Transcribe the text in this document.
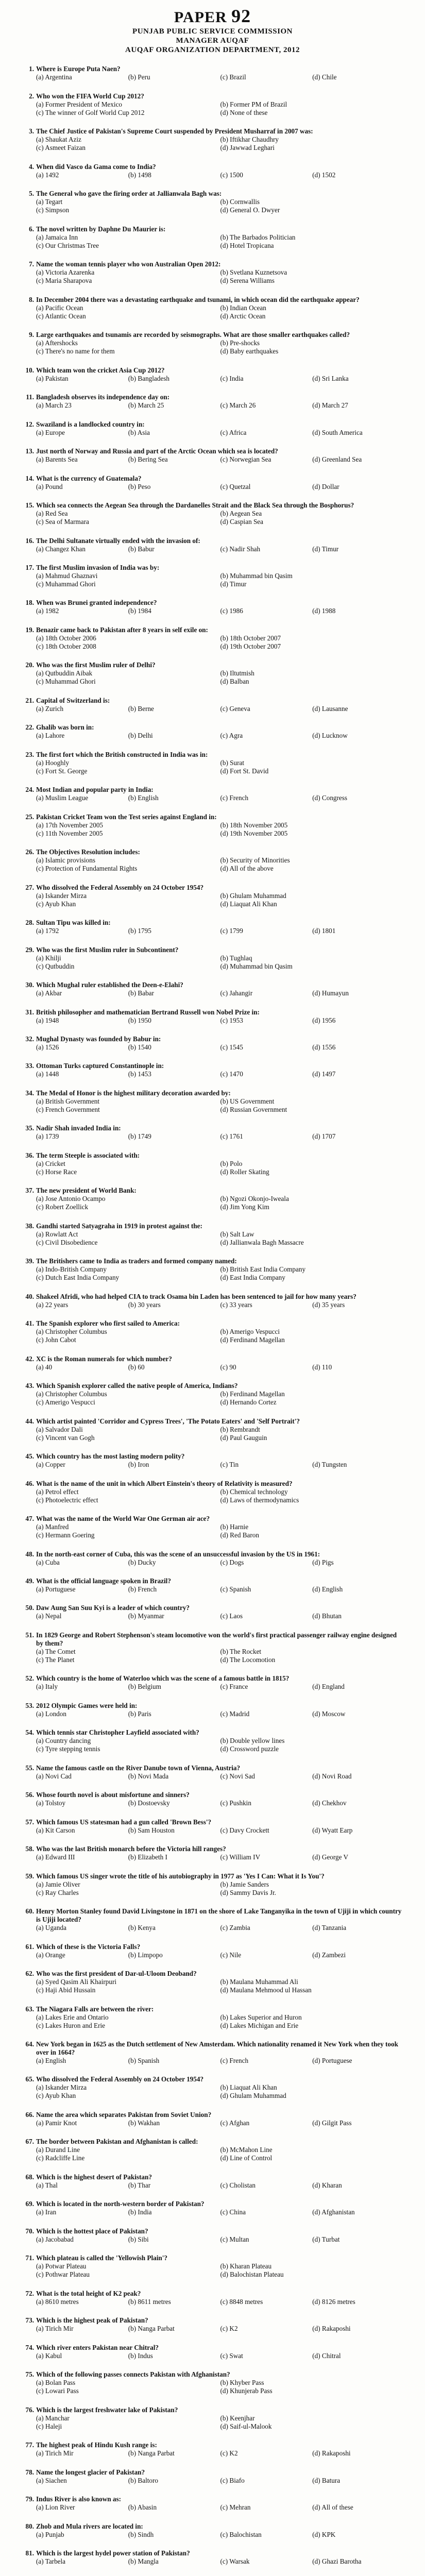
PAPER 92
PUNJAB PUBLIC SERVICE COMMISSION
MANAGER AUQAF
AUQAF ORGANIZATION DEPARTMENT, 2012
1. Where is Europe Puta Naen?
(a) Argentina	(b) Peru	(c) Brazil	(d) Chile
2. Who won the FIFA World Cup 2012?
(a) Former President of Mexico	(b) Former PM of Brazil
(c) The winner of Golf World Cup 2012	(d) None of these
3. The Chief Justice of Pakistan's Supreme Court suspended by President Musharraf in 2007 was:
(a) Shaukat Aziz	(b) Iftikhar Chaudhry
(c) Asmeet Faizan	(d) Jawwad Leghari
4. When did Vasco da Gama come to India?
(a) 1492	(b) 1498	(c) 1500	(d) 1502
5. The General who gave the firing order at Jallianwala Bagh was:
(a) Tegart	(b) Cornwallis
(c) Simpson	(d) General O. Dwyer
6. The novel written by Daphne Du Maurier is:
(a) Jamaica Inn	(b) The Barbados Politician
(c) Our Christmas Tree	(d) Hotel Tropicana
7. Name the woman tennis player who won Australian Open 2012:
(a) Victoria Azarenka	(b) Svetlana Kuznetsova
(c) Maria Sharapova	(d) Serena Williams
8. In December 2004 there was a devastating earthquake and tsunami, in which ocean did the earthquake appear?
(a) Pacific Ocean	(b) Indian Ocean
(c) Atlantic Ocean	(d) Arctic Ocean
9. Large earthquakes and tsunamis are recorded by seismographs. What are those smaller earthquakes called?
(a) Aftershocks	(b) Pre-shocks
(c) There's no name for them	(d) Baby earthquakes
10. Which team won the cricket Asia Cup 2012?
(a) Pakistan	(b) Bangladesh	(c) India	(d) Sri Lanka
11. Bangladesh observes its independence day on:
(a) March 23	(b) March 25	(c) March 26	(d) March 27
12. Swaziland is a landlocked country in:
(a) Europe	(b) Asia	(c) Africa	(d) South America
13. Just north of Norway and Russia and part of the Arctic Ocean which sea is located?
(a) Barents Sea	(b) Bering Sea	(c) Norwegian Sea	(d) Greenland Sea
14. What is the currency of Guatemala?
(a) Pound	(b) Peso	(c) Quetzal	(d) Dollar
15. Which sea connects the Aegean Sea through the Dardanelles Strait and the Black Sea through the Bosphorus?
(a) Red Sea	(b) Aegean Sea
(c) Sea of Marmara	(d) Caspian Sea
16. The Delhi Sultanate virtually ended with the invasion of:
(a) Changez Khan	(b) Babur	(c) Nadir Shah	(d) Timur
17. The first Muslim invasion of India was by:
(a) Mahmud Ghaznavi	(b) Muhammad bin Qasim
(c) Muhammad Ghori	(d) Timur
18. When was Brunei granted independence?
(a) 1982	(b) 1984	(c) 1986	(d) 1988
19. Benazir came back to Pakistan after 8 years in self exile on:
(a) 18th October 2006	(b) 18th October 2007
(c) 18th October 2008	(d) 19th October 2007
20. Who was the first Muslim ruler of Delhi?
(a) Qutbuddin Aibak	(b) Iltutmish
(c) Muhammad Ghori	(d) Balban
21. Capital of Switzerland is:
(a) Zurich	(b) Berne	(c) Geneva	(d) Lausanne
22. Ghalib was born in:
(a) Lahore	(b) Delhi	(c) Agra	(d) Lucknow
23. The first fort which the British constructed in India was in:
(a) Hooghly	(b) Surat
(c) Fort St. George	(d) Fort St. David
24. Most Indian and popular party in India:
(a) Muslim League	(b) English	(c) French	(d) Congress
25. Pakistan Cricket Team won the Test series against England in:
(a) 17th November 2005	(b) 18th November 2005
(c) 11th November 2005	(d) 19th November 2005
26. The Objectives Resolution includes:
(a) Islamic provisions	(b) Security of Minorities
(c) Protection of Fundamental Rights	(d) All of the above
27. Who dissolved the Federal Assembly on 24 October 1954?
(a) Iskander Mirza	(b) Ghulam Muhammad
(c) Ayub Khan	(d) Liaquat Ali Khan
28. Sultan Tipu was killed in:
(a) 1792	(b) 1795	(c) 1799	(d) 1801
29. Who was the first Muslim ruler in Subcontinent?
(a) Khilji	(b) Tughlaq
(c) Qutbuddin	(d) Muhammad bin Qasim
30. Which Mughal ruler established the Deen-e-Elahi?
(a) Akbar	(b) Babar	(c) Jahangir	(d) Humayun
31. British philosopher and mathematician Bertrand Russell won Nobel Prize in:
(a) 1948	(b) 1950	(c) 1953	(d) 1956
32. Mughal Dynasty was founded by Babur in:
(a) 1526	(b) 1540	(c) 1545	(d) 1556
33. Ottoman Turks captured Constantinople in:
(a) 1448	(b) 1453	(c) 1470	(d) 1497
34. The Medal of Honor is the highest military decoration awarded by:
(a) British Government	(b) US Government
(c) French Government	(d) Russian Government
35. Nadir Shah invaded India in:
(a) 1739	(b) 1749	(c) 1761	(d) 1707
36. The term Steeple is associated with:
(a) Cricket	(b) Polo
(c) Horse Race	(d) Roller Skating
37. The new president of World Bank:
(a) Jose Antonio Ocampo	(b) Ngozi Okonjo-Iweala
(c) Robert Zoellick	(d) Jim Yong Kim
38. Gandhi started Satyagraha in 1919 in protest against the:
(a) Rowlatt Act	(b) Salt Law
(c) Civil Disobedience	(d) Jallianwala Bagh Massacre
39. The Britishers came to India as traders and formed company named:
(a) Indo-British Company	(b) British East India Company
(c) Dutch East India Company	(d) East India Company
40. Shakeel Afridi, who had helped CIA to track Osama bin Laden has been sentenced to jail for how many years?
(a) 22 years	(b) 30 years	(c) 33 years	(d) 35 years
41. The Spanish explorer who first sailed to America:
(a) Christopher Columbus	(b) Amerigo Vespucci
(c) John Cabot	(d) Ferdinand Magellan
42. XC is the Roman numerals for which number?
(a) 40	(b) 60	(c) 90	(d) 110
43. Which Spanish explorer called the native people of America, Indians?
(a) Christopher Columbus	(b) Ferdinand Magellan
(c) Amerigo Vespucci	(d) Hernando Cortez
44. Which artist painted 'Corridor and Cypress Trees', 'The Potato Eaters' and 'Self Portrait'?
(a) Salvador Dali	(b) Rembrandt
(c) Vincent van Gogh	(d) Paul Gauguin
45. Which country has the most lasting modern polity?
(a) Copper	(b) Iron	(c) Tin	(d) Tungsten
46. What is the name of the unit in which Albert Einstein's theory of Relativity is measured?
(a) Petrol effect	(b) Chemical technology
(c) Photoelectric effect	(d) Laws of thermodynamics
47. What was the name of the World War One German air ace?
(a) Manfred	(b) Harnie
(c) Hermann Goering	(d) Red Baron
48. In the north-east corner of Cuba, this was the scene of an unsuccessful invasion by the US in 1961:
(a) Cuba	(b) Ducky	(c) Dogs	(d) Pigs
49. What is the official language spoken in Brazil?
(a) Portuguese	(b) French	(c) Spanish	(d) English
50. Daw Aung San Suu Kyi is a leader of which country?
(a) Nepal	(b) Myanmar	(c) Laos	(d) Bhutan
51. In 1829 George and Robert Stephenson's steam locomotive won the world's first practical passenger railway engine designed by them?
(a) The Comet	(b) The Rocket
(c) The Planet	(d) The Locomotion
52. Which country is the home of Waterloo which was the scene of a famous battle in 1815?
(a) Italy	(b) Belgium	(c) France	(d) England
53. 2012 Olympic Games were held in:
(a) London	(b) Paris	(c) Madrid	(d) Moscow
54. Which tennis star Christopher Layfield associated with?
(a) Country dancing	(b) Double yellow lines
(c) Tyre stepping tennis	(d) Crossword puzzle
55. Name the famous castle on the River Danube town of Vienna, Austria?
(a) Novi Cad	(b) Novi Mada	(c) Novi Sad	(d) Novi Road
56. Whose fourth novel is about misfortune and sinners?
(a) Tolstoy	(b) Dostoevsky	(c) Pushkin	(d) Chekhov
57. Which famous US statesman had a gun called 'Brown Bess'?
(a) Kit Carson	(b) Sam Houston	(c) Davy Crockett	(d) Wyatt Earp
58. Who was the last British monarch before the Victoria hill ranges?
(a) Edward III	(b) Elizabeth I	(c) William IV	(d) George V
59. Which famous US singer wrote the title of his autobiography in 1977 as 'Yes I Can: What it Is You'?
(a) Jamie Oliver	(b) Jamie Sanders
(c) Ray Charles	(d) Sammy Davis Jr.
60. Henry Morton Stanley found David Livingstone in 1871 on the shore of Lake Tanganyika in the town of Ujiji in which country is Ujiji located?
(a) Uganda	(b) Kenya	(c) Zambia	(d) Tanzania
61. Which of these is the Victoria Falls?
(a) Orange	(b) Limpopo	(c) Nile	(d) Zambezi
62. Who was the first president of Dar-ul-Uloom Deoband?
(a) Syed Qasim Ali Khairpuri	(b) Maulana Muhammad Ali
(c) Haji Abid Hussain	(d) Maulana Mehmood ul Hassan
63. The Niagara Falls are between the river:
(a) Lakes Erie and Ontario	(b) Lakes Superior and Huron
(c) Lakes Huron and Erie	(d) Lakes Michigan and Erie
64. New York began in 1625 as the Dutch settlement of New Amsterdam. Which nationality renamed it New York when they took over in 1664?
(a) English	(b) Spanish	(c) French	(d) Portuguese
65. Who dissolved the Federal Assembly on 24 October 1954?
(a) Iskander Mirza	(b) Liaquat Ali Khan
(c) Ayub Khan	(d) Ghulam Muhammad
66. Name the area which separates Pakistan from Soviet Union?
(a) Pamir Knot	(b) Wakhan	(c) Afghan	(d) Gilgit Pass
67. The border between Pakistan and Afghanistan is called:
(a) Durand Line	(b) McMahon Line
(c) Radcliffe Line	(d) Line of Control
68. Which is the highest desert of Pakistan?
(a) Thal	(b) Thar	(c) Cholistan	(d) Kharan
69. Which is located in the north-western border of Pakistan?
(a) Iran	(b) India	(c) China	(d) Afghanistan
70. Which is the hottest place of Pakistan?
(a) Jacobabad	(b) Sibi	(c) Multan	(d) Turbat
71. Which plateau is called the 'Yellowish Plain'?
(a) Potwar Plateau	(b) Kharan Plateau
(c) Pothwar Plateau	(d) Balochistan Plateau
72. What is the total height of K2 peak?
(a) 8610 metres	(b) 8611 metres	(c) 8848 metres	(d) 8126 metres
73. Which is the highest peak of Pakistan?
(a) Tirich Mir	(b) Nanga Parbat	(c) K2	(d) Rakaposhi
74. Which river enters Pakistan near Chitral?
(a) Kabul	(b) Indus	(c) Swat	(d) Chitral
75. Which of the following passes connects Pakistan with Afghanistan?
(a) Bolan Pass	(b) Khyber Pass
(c) Lowari Pass	(d) Khunjerab Pass
76. Which is the largest freshwater lake of Pakistan?
(a) Manchar	(b) Keenjhar
(c) Haleji	(d) Saif-ul-Malook
77. The highest peak of Hindu Kush range is:
(a) Tirich Mir	(b) Nanga Parbat	(c) K2	(d) Rakaposhi
78. Name the longest glacier of Pakistan?
(a) Siachen	(b) Baltoro	(c) Biafo	(d) Batura
79. Indus River is also known as:
(a) Lion River	(b) Abasin	(c) Mehran	(d) All of these
80. Zhob and Mula rivers are located in:
(a) Punjab	(b) Sindh	(c) Balochistan	(d) KPK
81. Which is the largest hydel power station of Pakistan?
(a) Tarbela	(b) Mangla	(c) Warsak	(d) Ghazi Barotha
